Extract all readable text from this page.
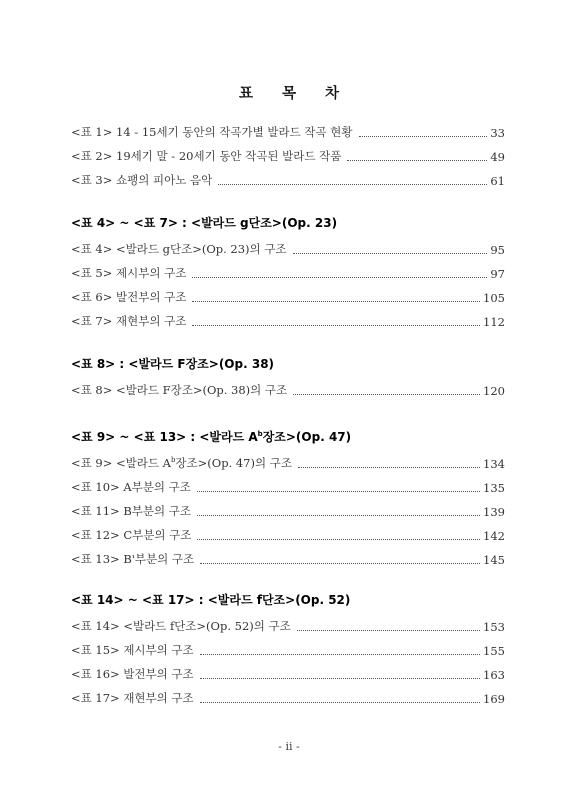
표 목 차
<표 1> 14 - 15세기 동안의 작곡가별 발라드 작곡 현황	33
<표 2> 19세기 말 - 20세기 동안 작곡된 발라드 작품	49
<표 3> 쇼팽의 피아노 음악	61
<표 4> ~ <표 7> : <발라드 g단조>(Op. 23)
<표 4> <발라드 g단조>(Op. 23)의 구조	95
<표 5> 제시부의 구조	97
<표 6> 발전부의 구조	105
<표 7> 재현부의 구조	112
<표 8> : <발라드 F장조>(Op. 38)
<표 8> <발라드 F장조>(Op. 38)의 구조	120
<표 9> ~ <표 13> : <발라드 $A^b$장조>(Op. 47)
<표 9> <발라드 $A^b$장조>(Op. 47)의 구조	134
<표 10> A부분의 구조	135
<표 11> B부분의 구조	139
<표 12> C부분의 구조	142
<표 13> B'부분의 구조	145
<표 14> ~ <표 17> : <발라드 f단조>(Op. 52)
<표 14> <발라드 f단조>(Op. 52)의 구조	153
<표 15> 제시부의 구조	155
<표 16> 발전부의 구조	163
<표 17> 재현부의 구조	169
- ii -
